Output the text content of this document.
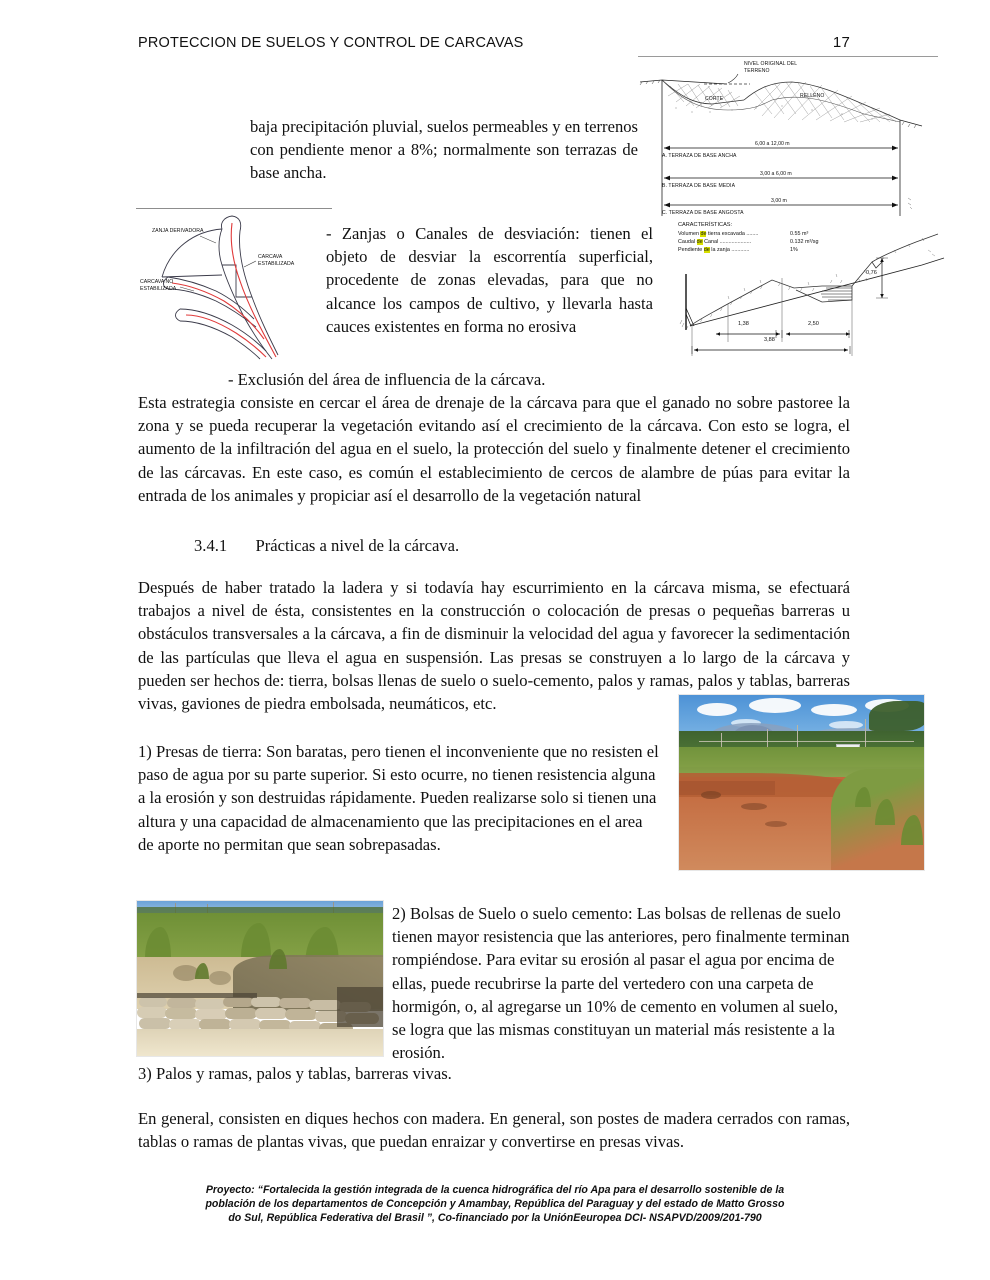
PROTECCION DE SUELOS Y CONTROL DE CARCAVAS	17
NIVEL ORIGINAL DEL
TERRENO
CORTE	RELLENO
6,00 a 12,00 m
A. TERRAZA DE BASE ANCHA
3,00 a 6,00 m
B. TERRAZA DE BASE MEDIA
3,00 m
C. TERRAZA DE BASE ANGOSTA
baja precipitación pluvial, suelos permeables y en terrenos con pendiente menor a 8%; normalmente son terrazas de base ancha.
ZANJA DERIVADORA
CARCAVA
ESTABILIZADA
CARCAVA NO
ESTABILIZADA
CARACTERÍSTICAS:
Volumen de tierra excavada ........	0.55 m³
Caudal de Canal .....................	0.132 m³/sg
Pendiente de la zanja ............	1%
1,38	2,50
3,88
0,76
- Zanjas o Canales de desviación: tienen el objeto de desviar la escorrentía superficial, procedente de zonas elevadas, para que no alcance los campos de cultivo, y llevarla hasta cauces existentes en forma no erosiva
- Exclusión del área de influencia de la cárcava.
Esta estrategia consiste en cercar el área de drenaje de la cárcava para que el ganado no sobre pastoree la zona y se pueda recuperar la vegetación evitando así el crecimiento de la cárcava. Con esto se logra, el aumento de la infiltración del agua en el suelo, la protección del suelo y finalmente detener el crecimiento de las cárcavas. En este caso, es común el establecimiento de cercos de alambre de púas para evitar la entrada de los animales y propiciar así el desarrollo de la vegetación natural
3.4.1 Prácticas a nivel de la cárcava.
Después de haber tratado la ladera y si todavía hay escurrimiento en la cárcava misma, se efectuará trabajos a nivel de ésta, consistentes en la construcción o colocación de presas o pequeñas barreras u obstáculos transversales a la cárcava, a fin de disminuir la velocidad del agua y favorecer la sedimentación de las partículas que lleva el agua en suspensión. Las presas se construyen a lo largo de la cárcava y pueden ser hechos de: tierra, bolsas llenas de suelo o suelo-cemento, palos y ramas, palos y tablas, barreras vivas, gaviones de piedra embolsada, neumáticos, etc.
1) Presas de tierra: Son baratas, pero tienen el inconveniente que no resisten el paso de agua por su parte superior. Si esto ocurre, no tienen resistencia alguna a la erosión y son destruidas rápidamente. Pueden realizarse solo si tienen una altura y una capacidad de almacenamiento que las precipitaciones en el area de aporte no permitan que sean sobrepasadas.
2) Bolsas de Suelo o suelo cemento: Las bolsas de rellenas de suelo tienen mayor resistencia que las anteriores, pero finalmente terminan rompiéndose. Para evitar su erosión al pasar el agua por encima de ellas, puede recubrirse la parte del vertedero con una carpeta de hormigón, o, al agregarse un 10% de cemento en volumen al suelo, se logra que las mismas constituyan un material más resistente a la erosión.
3) Palos y ramas, palos y tablas, barreras vivas.
En general, consisten en diques hechos con madera. En general, son postes de madera cerrados con ramas, tablas o ramas de plantas vivas, que puedan enraizar y convertirse en presas vivas.
Proyecto: “Fortalecida la gestión integrada de la cuenca hidrográfica del río Apa para el desarrollo sostenible de la
población de los departamentos de Concepción y Amambay, República del Paraguay y del estado de Matto Grosso
do Sul, República Federativa del Brasil ”, Co-financiado por la UniónEeuropea DCI- NSAPVD/2009/201-790
